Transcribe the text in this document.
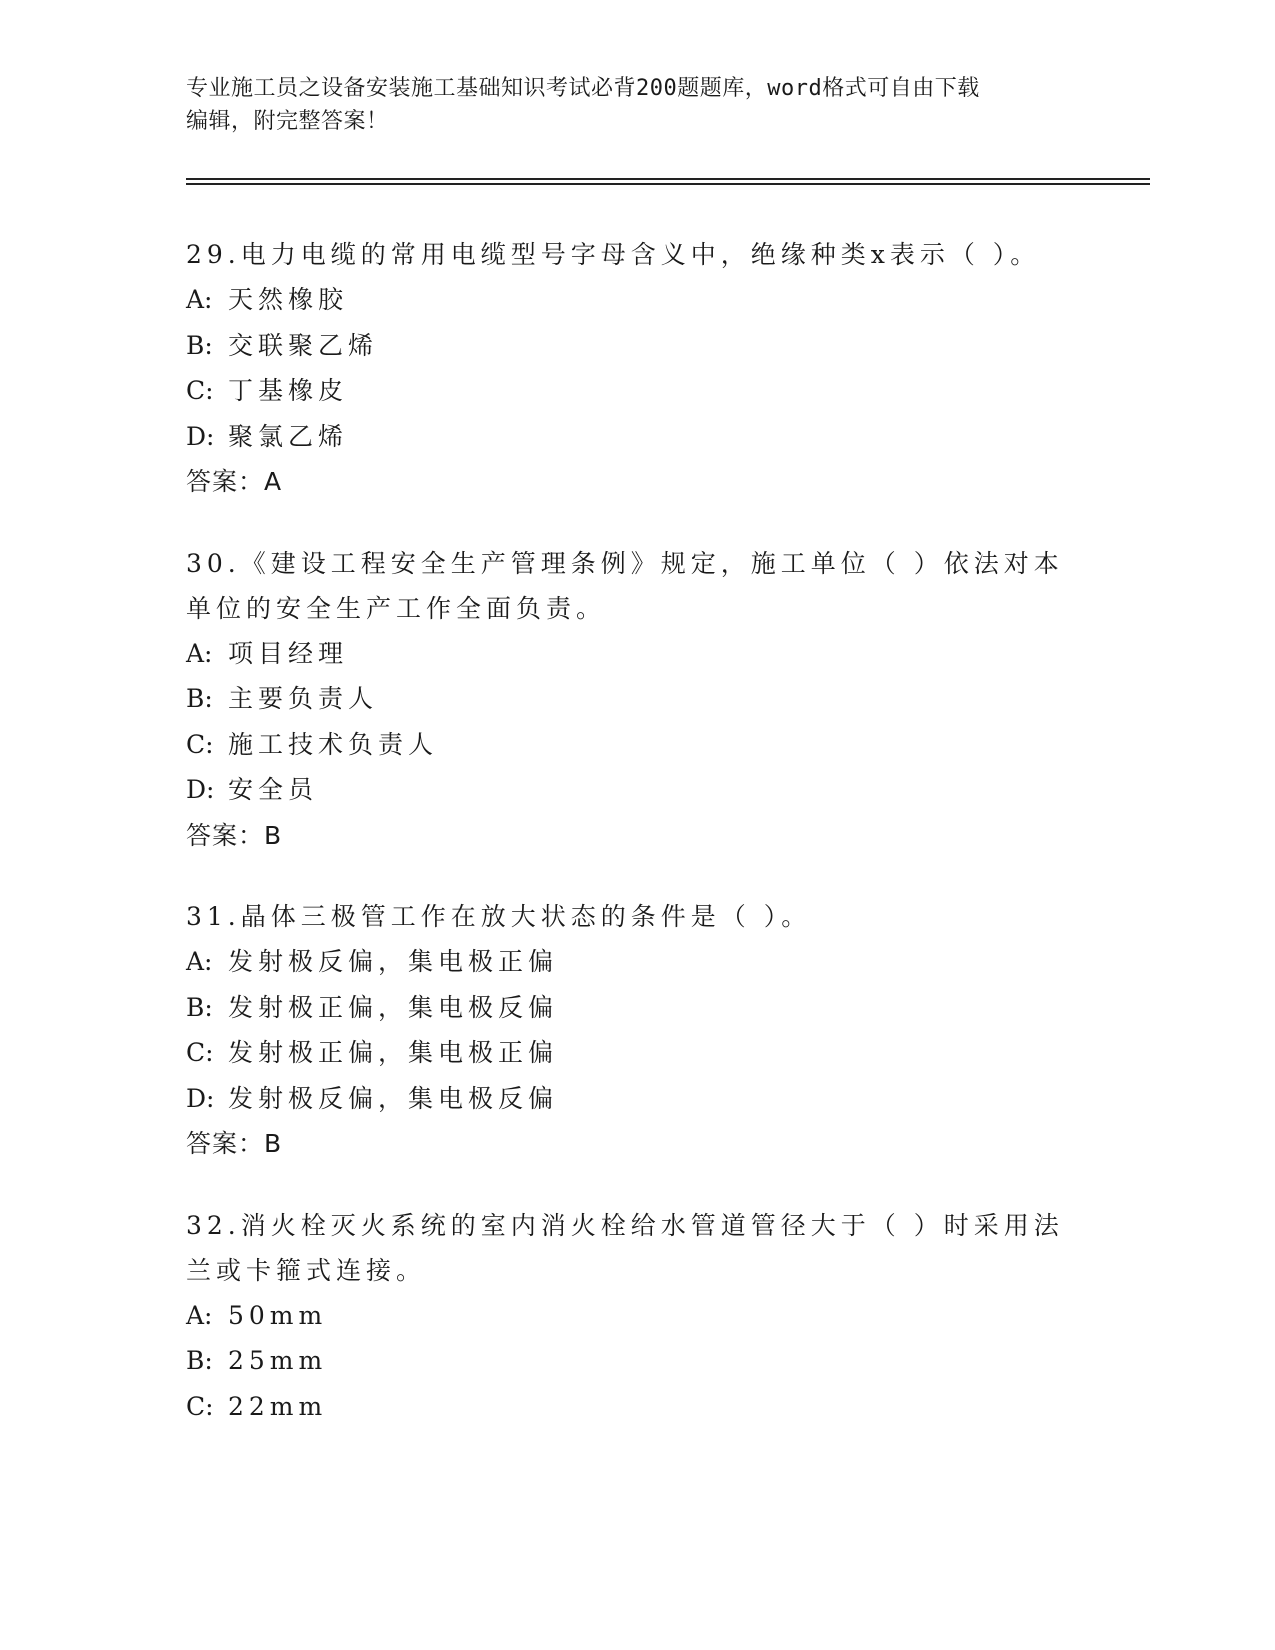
专业施工员之设备安装施工基础知识考试必背200题题库，word格式可自由下载
编辑，附完整答案！

29.电力电缆的常用电缆型号字母含义中，绝缘种类x表示（ ）。

A: 天然橡胶
B: 交联聚乙烯
C: 丁基橡皮
D: 聚氯乙烯
答案：A

30.《建设工程安全生产管理条例》规定，施工单位（ ）依法对本单位的安全生产工作全面负责。

A: 项目经理
B: 主要负责人
C: 施工技术负责人
D: 安全员
答案：B

31.晶体三极管工作在放大状态的条件是（ ）。

A: 发射极反偏，集电极正偏
B: 发射极正偏，集电极反偏
C: 发射极正偏，集电极正偏
D: 发射极反偏，集电极反偏
答案：B

32.消火栓灭火系统的室内消火栓给水管道管径大于（ ）时采用法兰或卡箍式连接。

A: 50mm
B: 25mm
C: 22mm
